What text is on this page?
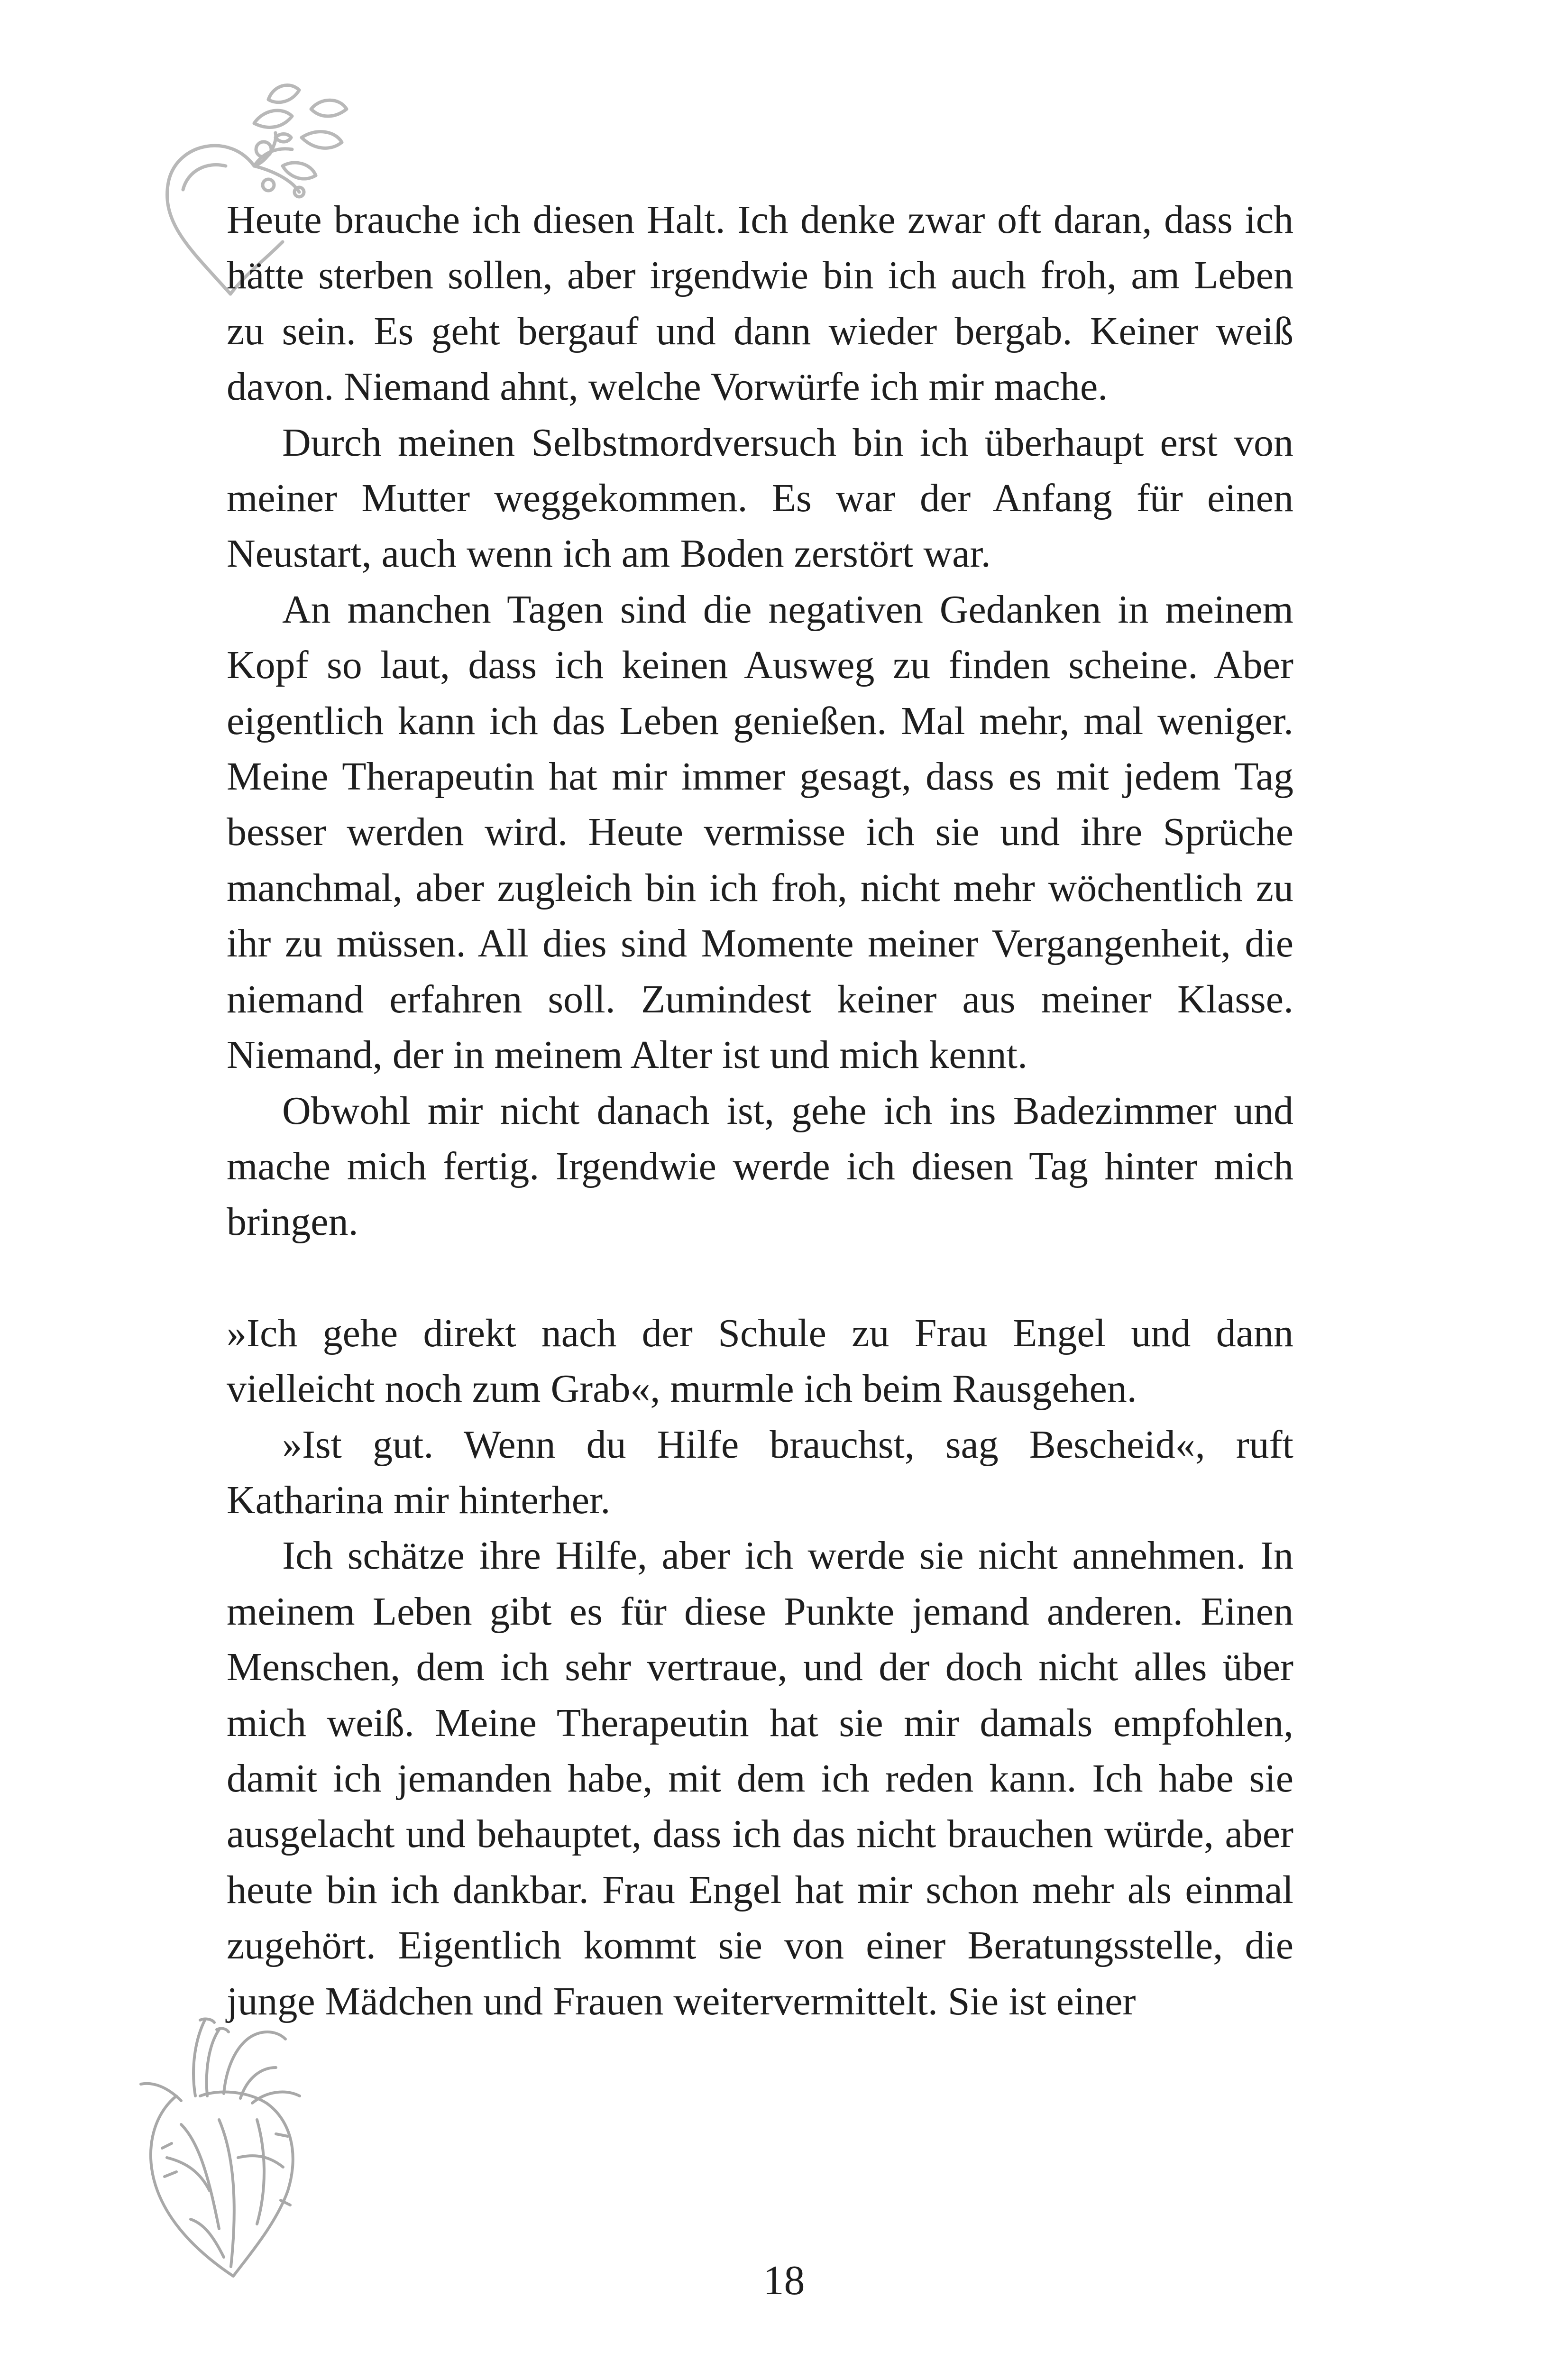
Heute brauche ich diesen Halt. Ich denke zwar oft daran, dass ich hätte sterben sollen, aber irgendwie bin ich auch froh, am Leben zu sein. Es geht bergauf und dann wieder bergab. Keiner weiß davon. Niemand ahnt, welche Vorwürfe ich mir mache.

Durch meinen Selbstmordversuch bin ich überhaupt erst von meiner Mutter weggekommen. Es war der Anfang für einen Neustart, auch wenn ich am Boden zerstört war.

An manchen Tagen sind die negativen Gedanken in meinem Kopf so laut, dass ich keinen Ausweg zu finden scheine. Aber eigentlich kann ich das Leben genießen. Mal mehr, mal weniger. Meine Therapeutin hat mir immer gesagt, dass es mit jedem Tag besser werden wird. Heute vermisse ich sie und ihre Sprüche manchmal, aber zugleich bin ich froh, nicht mehr wöchentlich zu ihr zu müssen. All dies sind Momente meiner Vergangenheit, die niemand erfahren soll. Zumindest keiner aus meiner Klasse. Niemand, der in meinem Alter ist und mich kennt.

Obwohl mir nicht danach ist, gehe ich ins Badezimmer und mache mich fertig. Irgendwie werde ich diesen Tag hinter mich bringen.

»Ich gehe direkt nach der Schule zu Frau Engel und dann vielleicht noch zum Grab«, murmle ich beim Rausgehen.

»Ist gut. Wenn du Hilfe brauchst, sag Bescheid«, ruft Katharina mir hinterher.

Ich schätze ihre Hilfe, aber ich werde sie nicht annehmen. In meinem Leben gibt es für diese Punkte jemand anderen. Einen Menschen, dem ich sehr vertraue, und der doch nicht alles über mich weiß. Meine Therapeutin hat sie mir damals empfohlen, damit ich jemanden habe, mit dem ich reden kann. Ich habe sie ausgelacht und behauptet, dass ich das nicht brauchen würde, aber heute bin ich dankbar. Frau Engel hat mir schon mehr als einmal zugehört. Eigentlich kommt sie von einer Beratungsstelle, die junge Mädchen und Frauen weitervermittelt. Sie ist einer

18
